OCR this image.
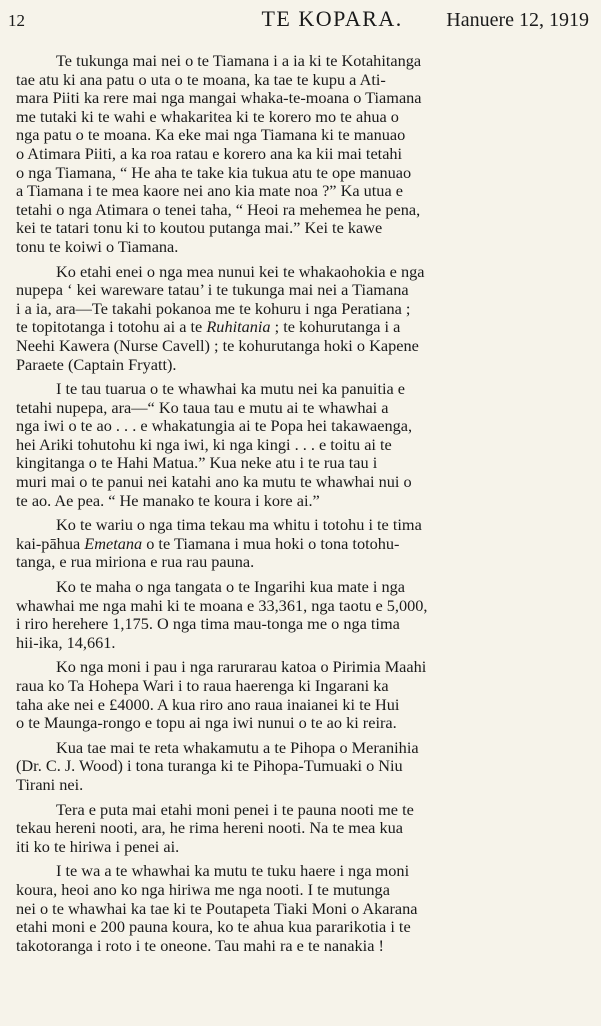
12	TE KOPARA. Hanuere 12, 1919

Te tukunga mai nei o te Tiamana i a ia ki te Kotahitanga
tae atu ki ana patu o uta o te moana, ka tae te kupu a Ati-
mara Piiti ka rere mai nga mangai whaka-te-moana o Tiamana
me tutaki ki te wahi e whakaritea ki te korero mo te ahua o
nga patu o te moana. Ka eke mai nga Tiamana ki te manuao
o Atimara Piiti, a ka roa ratau e korero ana ka kii mai tetahi
o nga Tiamana, “ He aha te take kia tukua atu te ope manuao
a Tiamana i te mea kaore nei ano kia mate noa ?” Ka utua e
tetahi o nga Atimara o tenei taha, “ Heoi ra mehemea he pena,
kei te tatari tonu ki to koutou putanga mai.” Kei te kawe
tonu te koiwi o Tiamana.

Ko etahi enei o nga mea nunui kei te whakaohokia e nga
nupepa ‘ kei wareware tatau’ i te tukunga mai nei a Tiamana
i a ia, ara—Te takahi pokanoa me te kohuru i nga Peratiana ;
te topitotanga i totohu ai a te Ruhitania ; te kohurutanga i a
Neehi Kawera (Nurse Cavell) ; te kohurutanga hoki o Kapene
Paraete (Captain Fryatt).

I te tau tuarua o te whawhai ka mutu nei ka panuitia e
tetahi nupepa, ara—“ Ko taua tau e mutu ai te whawhai a
nga iwi o te ao . . . e whakatungia ai te Popa hei takawaenga,
hei Ariki tohutohu ki nga iwi, ki nga kingi . . . e toitu ai te
kingitanga o te Hahi Matua.” Kua neke atu i te rua tau i
muri mai o te panui nei katahi ano ka mutu te whawhai nui o
te ao. Ae pea. “ He manako te koura i kore ai.”

Ko te wariu o nga tima tekau ma whitu i totohu i te tima
kai-pāhua Emetana o te Tiamana i mua hoki o tona totohu-
tanga, e rua miriona e rua rau pauna.

Ko te maha o nga tangata o te Ingarihi kua mate i nga
whawhai me nga mahi ki te moana e 33,361, nga taotu e 5,000,
i riro herehere 1,175. O nga tima mau-tonga me o nga tima
hii-ika, 14,661.

Ko nga moni i pau i nga rarurarau katoa o Pirimia Maahi
raua ko Ta Hohepa Wari i to raua haerenga ki Ingarani ka
taha ake nei e £4000. A kua riro ano raua inaianei ki te Hui
o te Maunga-rongo e topu ai nga iwi nunui o te ao ki reira.

Kua tae mai te reta whakamutu a te Pihopa o Meranihia
(Dr. C. J. Wood) i tona turanga ki te Pihopa-Tumuaki o Niu
Tirani nei.

Tera e puta mai etahi moni penei i te pauna nooti me te
tekau hereni nooti, ara, he rima hereni nooti. Na te mea kua
iti ko te hiriwa i penei ai.

I te wa a te whawhai ka mutu te tuku haere i nga moni
koura, heoi ano ko nga hiriwa me nga nooti. I te mutunga
nei o te whawhai ka tae ki te Poutapeta Tiaki Moni o Akarana
etahi moni e 200 pauna koura, ko te ahua kua pararikotia i te
takotoranga i roto i te oneone. Tau mahi ra e te nanakia !
